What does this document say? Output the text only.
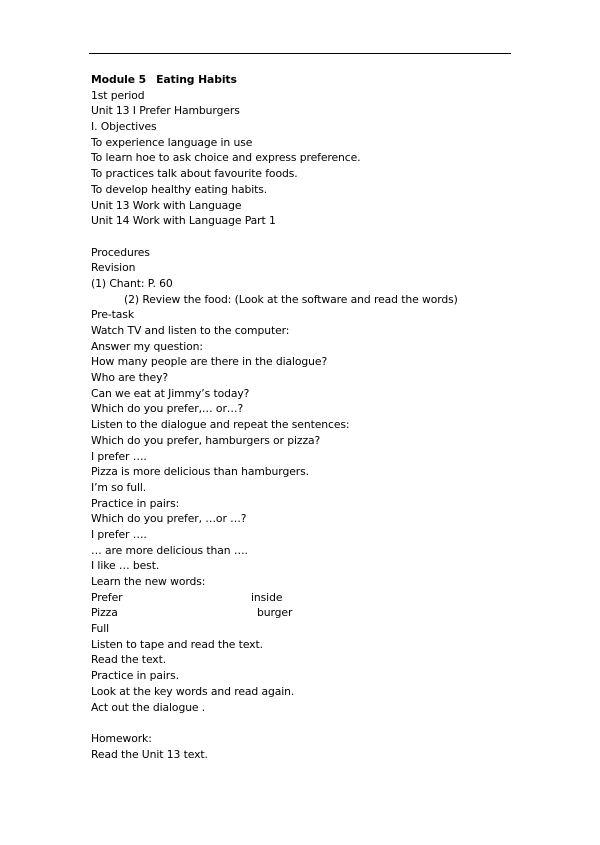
Module 5 Eating Habits
1st period
Unit 13 I Prefer Hamburgers
I. Objectives
To experience language in use
To learn hoe to ask choice and express preference.
To practices talk about favourite foods.
To develop healthy eating habits.
Unit 13 Work with Language
Unit 14 Work with Language Part 1
Procedures
Revision
(1) Chant: P. 60
(2) Review the food: (Look at the software and read the words)
Pre-task
Watch TV and listen to the computer:
Answer my question:
How many people are there in the dialogue?
Who are they?
Can we eat at Jimmy’s today?
Which do you prefer,… or…?
Listen to the dialogue and repeat the sentences:
Which do you prefer, hamburgers or pizza?
I prefer ….
Pizza is more delicious than hamburgers.
I’m so full.
Practice in pairs:
Which do you prefer, …or …?
I prefer ….
… are more delicious than ….
I like … best.
Learn the new words:
Prefer	inside
Pizza	burger
Full
Listen to tape and read the text.
Read the text.
Practice in pairs.
Look at the key words and read again.
Act out the dialogue .
Homework:
Read the Unit 13 text.
